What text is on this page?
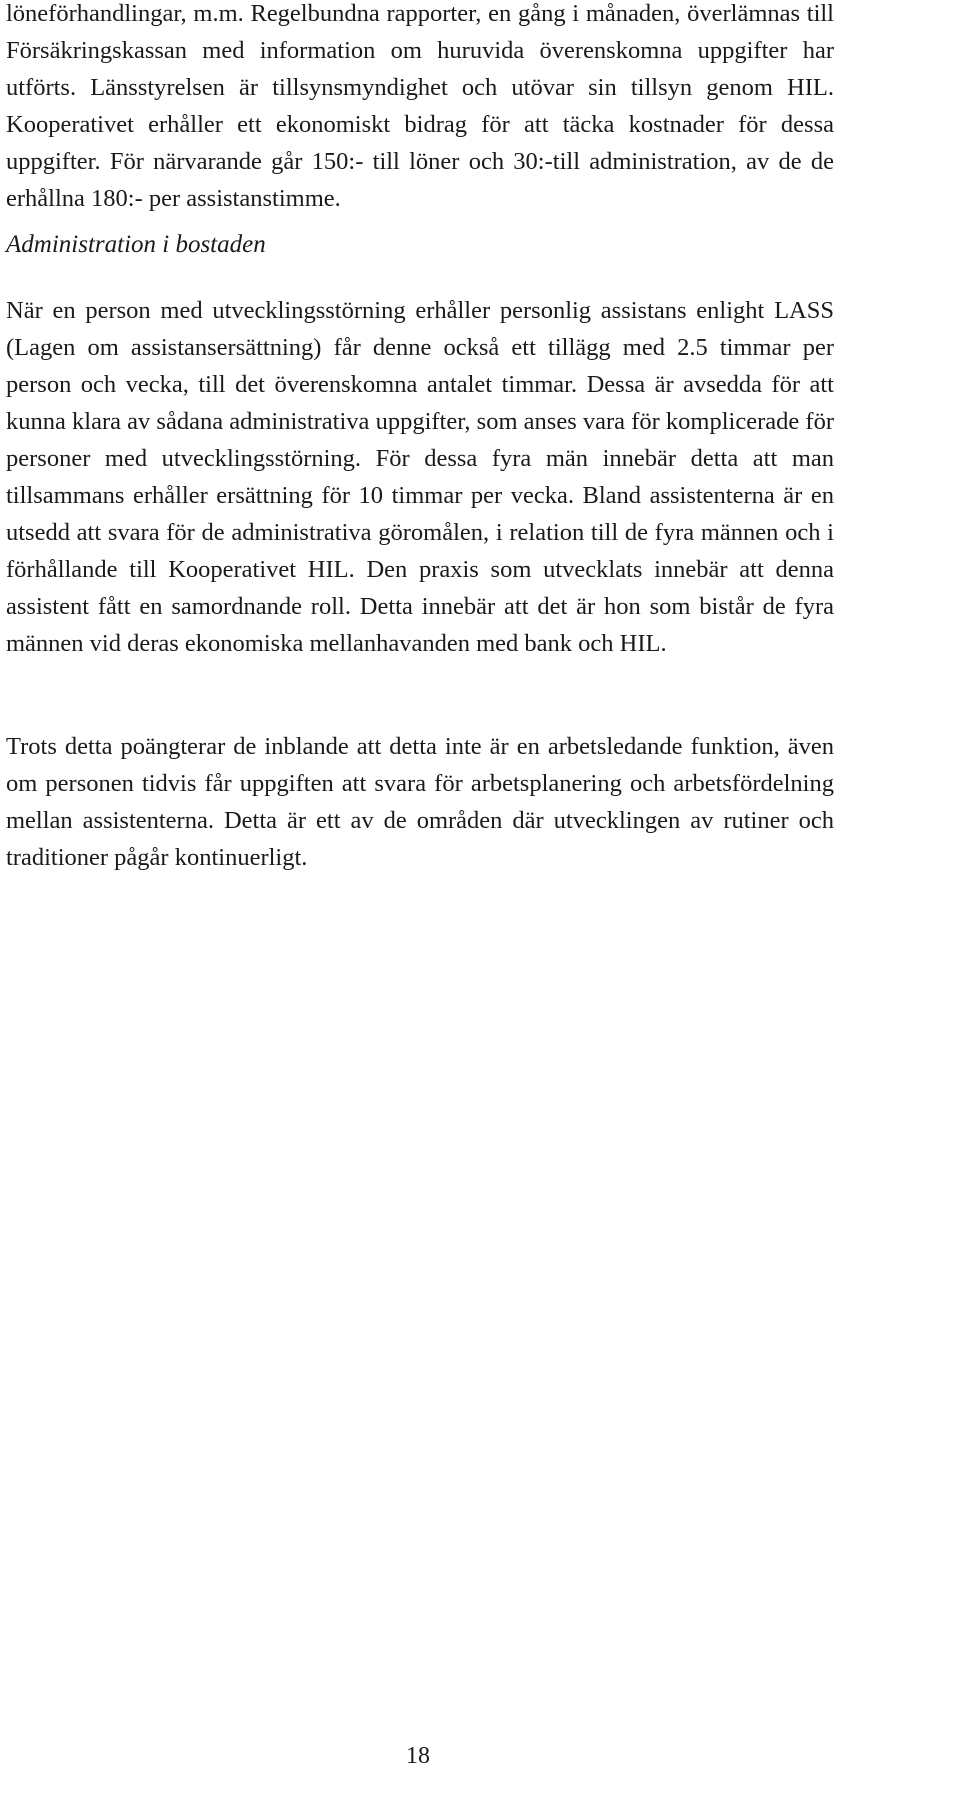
löneförhandlingar, m.m. Regelbundna rapporter, en gång i månaden, överlämnas till Försäkringskassan med information om huruvida överenskomna uppgifter har utförts. Länsstyrelsen är tillsynsmyndighet och utövar sin tillsyn genom HIL. Kooperativet erhåller ett ekonomiskt bidrag för att täcka kostnader för dessa uppgifter. För närvarande går 150:- till löner och 30:-till administration, av de de erhållna 180:- per assistanstimme.

Administration i bostaden

När en person med utvecklingsstörning erhåller personlig assistans enlight LASS (Lagen om assistansersättning) får denne också ett tillägg med 2.5 timmar per person och vecka, till det överenskomna antalet timmar. Dessa är avsedda för att kunna klara av sådana administrativa uppgifter, som anses vara för komplicerade för personer med utvecklingsstörning. För dessa fyra män innebär detta att man tillsammans erhåller ersättning för 10 timmar per vecka. Bland assistenterna är en utsedd att svara för de administrativa göromålen, i relation till de fyra männen och i förhållande till Kooperativet HIL. Den praxis som utvecklats innebär att denna assistent fått en samordnande roll. Detta innebär att det är hon som bistår de fyra männen vid deras ekonomiska mellanhavanden med bank och HIL.

Trots detta poängterar de inblande att detta inte är en arbetsledande funktion, även om personen tidvis får uppgiften att svara för arbetsplanering och arbetsfördelning mellan assistenterna. Detta är ett av de områden där utvecklingen av rutiner och traditioner pågår kontinuerligt.

18
